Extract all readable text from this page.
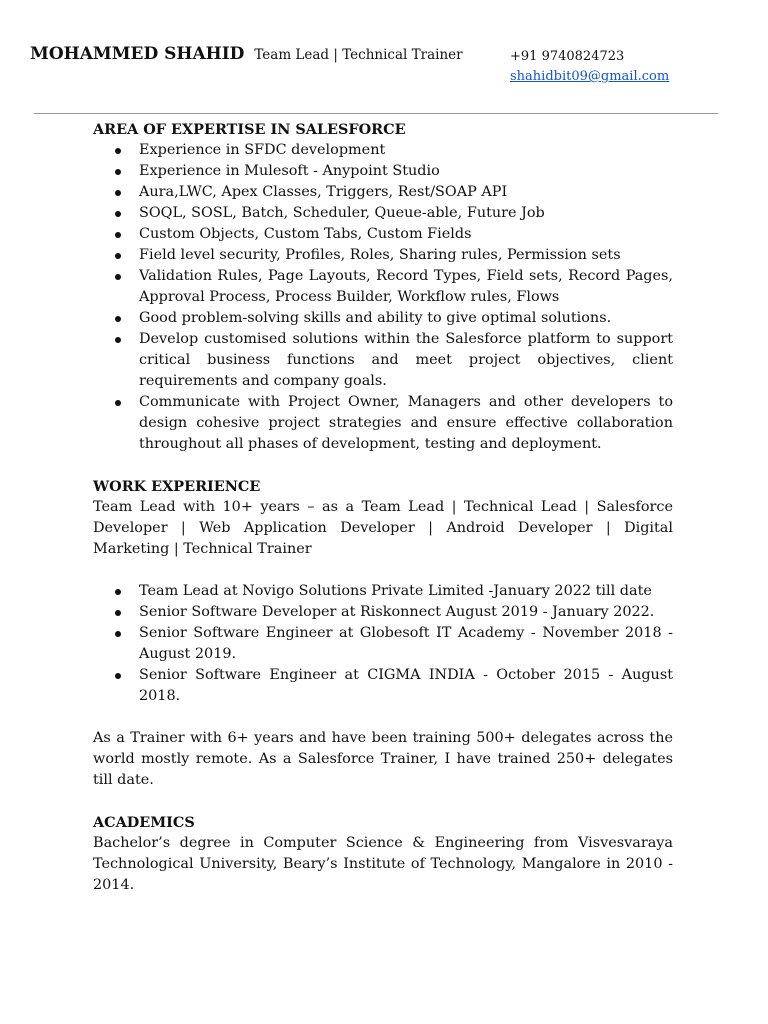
MOHAMMED SHAHID Team Lead | Technical Trainer	+91 9740824723
shahidbit09@gmail.com
AREA OF EXPERTISE IN SALESFORCE
Experience in SFDC development
Experience in Mulesoft - Anypoint Studio
Aura,LWC, Apex Classes, Triggers, Rest/SOAP API
SOQL, SOSL, Batch, Scheduler, Queue-able, Future Job
Custom Objects, Custom Tabs, Custom Fields
Field level security, Profiles, Roles, Sharing rules, Permission sets
Validation Rules, Page Layouts, Record Types, Field sets, Record Pages, Approval Process, Process Builder, Workflow rules, Flows
Good problem-solving skills and ability to give optimal solutions.
Develop customised solutions within the Salesforce platform to support critical business functions and meet project objectives, client requirements and company goals.
Communicate with Project Owner, Managers and other developers to design cohesive project strategies and ensure effective collaboration throughout all phases of development, testing and deployment.
WORK EXPERIENCE

Team Lead with 10+ years – as a Team Lead | Technical Lead | Salesforce Developer | Web Application Developer | Android Developer | Digital Marketing | Technical Trainer

Team Lead at Novigo Solutions Private Limited -January 2022 till date
Senior Software Developer at Riskonnect August 2019 - January 2022.
Senior Software Engineer at Globesoft IT Academy - November 2018 - August 2019.
Senior Software Engineer at CIGMA INDIA - October 2015 - August 2018.

As a Trainer with 6+ years and have been training 500+ delegates across the world mostly remote. As a Salesforce Trainer, I have trained 250+ delegates till date.

ACADEMICS

Bachelor’s degree in Computer Science & Engineering from Visvesvaraya Technological University, Beary’s Institute of Technology, Mangalore in 2010 - 2014.
